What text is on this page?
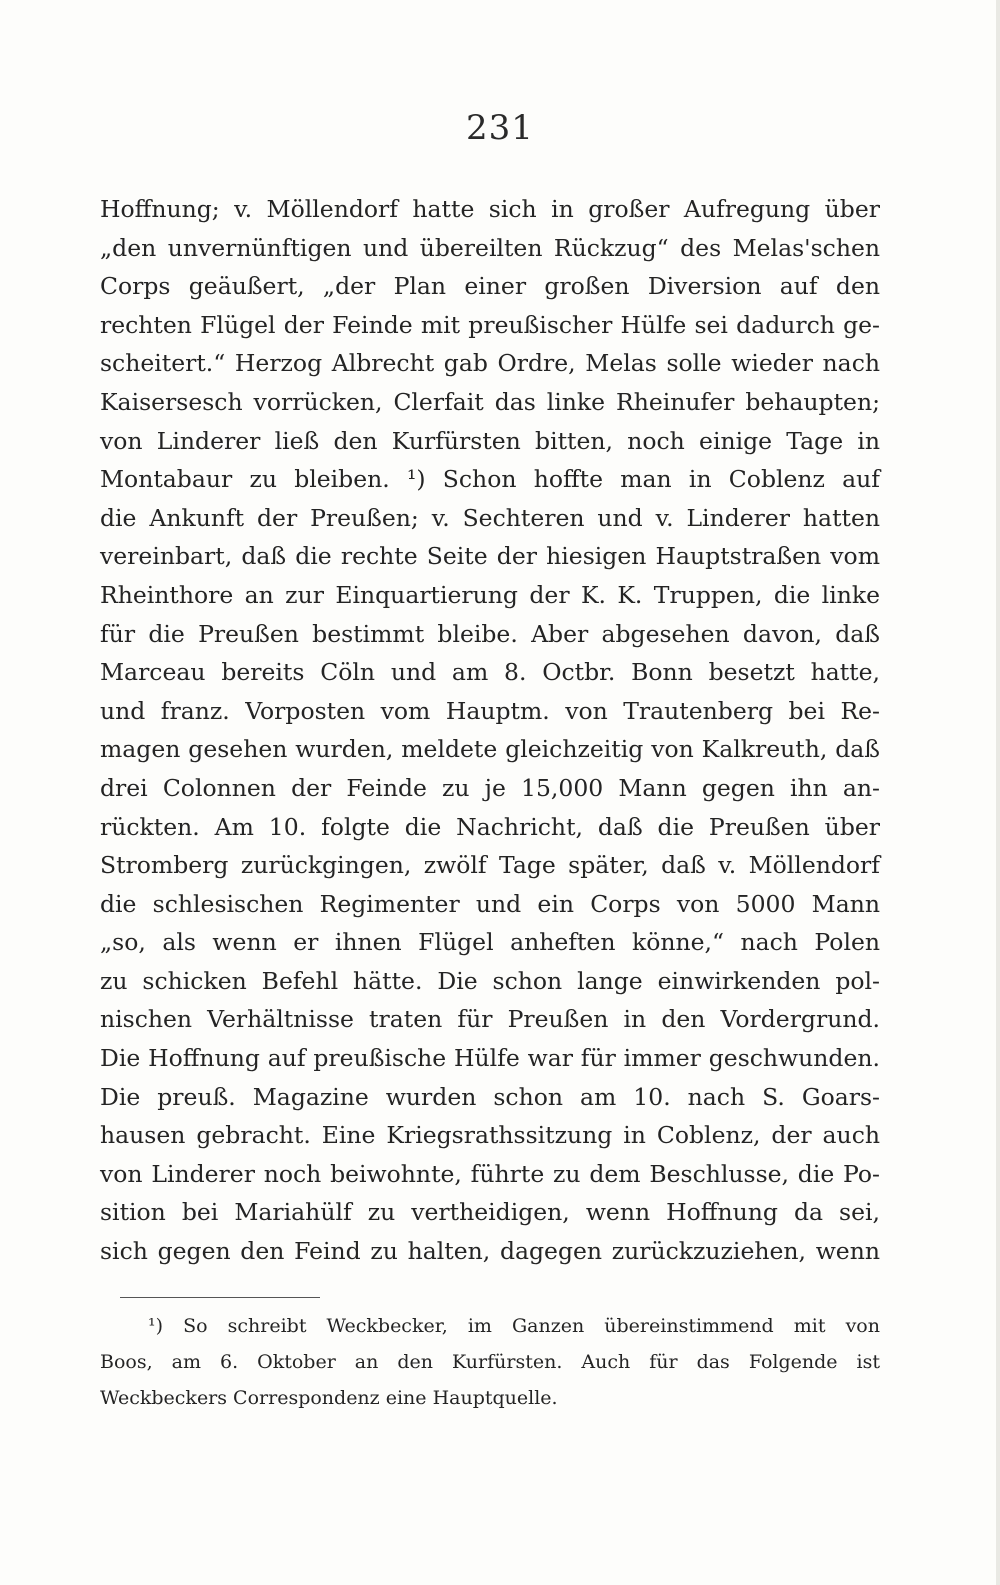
231
Hoffnung; v. Möllendorf hatte sich in großer Aufregung über
„den unvernünftigen und übereilten Rückzug“ des Melas'schen
Corps geäußert, „der Plan einer großen Diversion auf den
rechten Flügel der Feinde mit preußischer Hülfe sei dadurch ge-
scheitert.“ Herzog Albrecht gab Ordre, Melas solle wieder nach
Kaisersesch vorrücken, Clerfait das linke Rheinufer behaupten;
von Linderer ließ den Kurfürsten bitten, noch einige Tage in
Montabaur zu bleiben. ¹) Schon hoffte man in Coblenz auf
die Ankunft der Preußen; v. Sechteren und v. Linderer hatten
vereinbart, daß die rechte Seite der hiesigen Hauptstraßen vom
Rheinthore an zur Einquartierung der K. K. Truppen, die linke
für die Preußen bestimmt bleibe. Aber abgesehen davon, daß
Marceau bereits Cöln und am 8. Octbr. Bonn besetzt hatte,
und franz. Vorposten vom Hauptm. von Trautenberg bei Re-
magen gesehen wurden, meldete gleichzeitig von Kalkreuth, daß
drei Colonnen der Feinde zu je 15,000 Mann gegen ihn an-
rückten. Am 10. folgte die Nachricht, daß die Preußen über
Stromberg zurückgingen, zwölf Tage später, daß v. Möllendorf
die schlesischen Regimenter und ein Corps von 5000 Mann
„so, als wenn er ihnen Flügel anheften könne,“ nach Polen
zu schicken Befehl hätte. Die schon lange einwirkenden pol-
nischen Verhältnisse traten für Preußen in den Vordergrund.
Die Hoffnung auf preußische Hülfe war für immer geschwunden.
Die preuß. Magazine wurden schon am 10. nach S. Goars-
hausen gebracht. Eine Kriegsrathssitzung in Coblenz, der auch
von Linderer noch beiwohnte, führte zu dem Beschlusse, die Po-
sition bei Mariahülf zu vertheidigen, wenn Hoffnung da sei,
sich gegen den Feind zu halten, dagegen zurückzuziehen, wenn
¹) So schreibt Weckbecker, im Ganzen übereinstimmend mit von
Boos, am 6. Oktober an den Kurfürsten. Auch für das Folgende ist
Weckbeckers Correspondenz eine Hauptquelle.
